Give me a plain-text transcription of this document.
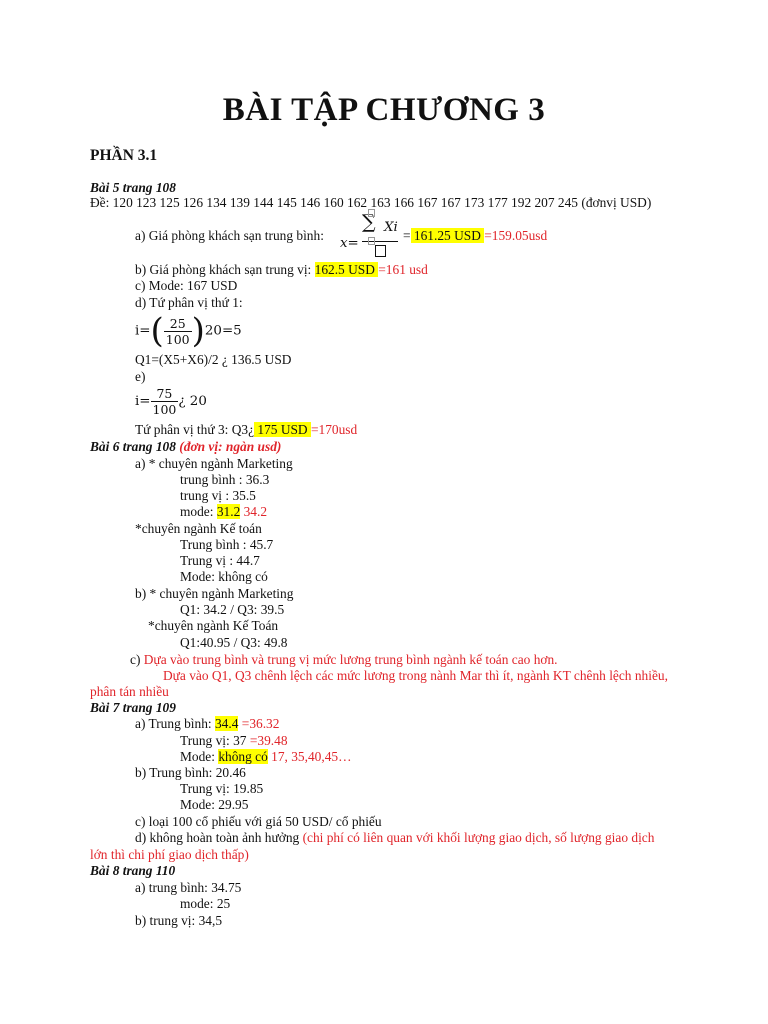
BÀI TẬP CHƯƠNG 3
PHẦN 3.1
Bài 5 trang 108
Đề: 120 123 125 126 134 139 144 145 146 160 162 163 166 167 167 173 177 192 207 245 (đơnvị USD)
a) Giá phòng khách sạn trung bình:
x=
∑ Xi
= 161.25 USD =159.05usd
b) Giá phòng khách sạn trung vị: 162.5 USD =161 usd
c) Mode: 167 USD
d) Tứ phân vị thứ 1:
$i=( \frac{25}{100} )20=5$
Q1=(X5+X6)/2 ¿ 136.5 USD
e)
$i= \frac{75}{100}$ ¿ 20
Tứ phân vị thứ 3: Q3¿ 175 USD =170usd
Bài 6 trang 108 (đơn vị: ngàn usd)
a) * chuyên ngành Marketing
trung bình : 36.3
trung vị : 35.5
mode: 31.2 34.2
*chuyên ngành Kế toán
Trung bình : 45.7
Trung vị : 44.7
Mode: không có
b) * chuyên ngành Marketing
Q1: 34.2 / Q3: 39.5
*chuyên ngành Kế Toán
Q1:40.95 / Q3: 49.8
c) Dựa vào trung bình và trung vị mức lương trung bình ngành kế toán cao hơn.
Dựa vào Q1, Q3 chênh lệch các mức lương trong nành Mar thì ít, ngành KT chênh lệch nhiều,
phân tán nhiều
Bài 7 trang 109
a) Trung bình: 34.4 =36.32
Trung vị: 37 =39.48
Mode: không có 17, 35,40,45…
b) Trung bình: 20.46
Trung vị: 19.85
Mode: 29.95
c) loại 100 cổ phiếu với giá 50 USD/ cổ phiếu
d) không hoàn toàn ảnh hưởng (chi phí có liên quan với khối lượng giao dịch, số lượng giao dịch
lớn thì chi phí giao dịch thấp)
Bài 8 trang 110
a) trung bình: 34.75
mode: 25
b) trung vị: 34,5
